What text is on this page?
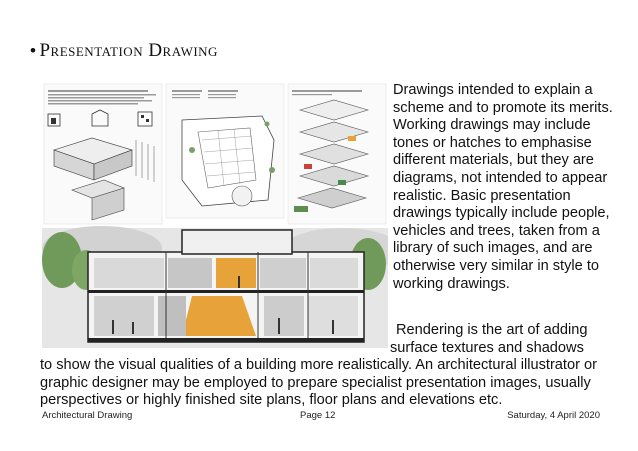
• Presentation Drawing

Drawings intended to explain a scheme and to promote its merits. Working drawings may include tones or hatches to emphasise different materials, but they are diagrams, not intended to appear realistic. Basic presentation drawings typically include people, vehicles and trees, taken from a library of such images, and are otherwise very similar in style to working drawings.

Rendering is the art of adding
surface textures and shadows
to show the visual qualities of a building more realistically. An architectural illustrator or graphic designer may be employed to prepare specialist presentation images, usually perspectives or highly finished site plans, floor plans and elevations etc.
Architectural Drawing	Page 12	Saturday, 4 April 2020
